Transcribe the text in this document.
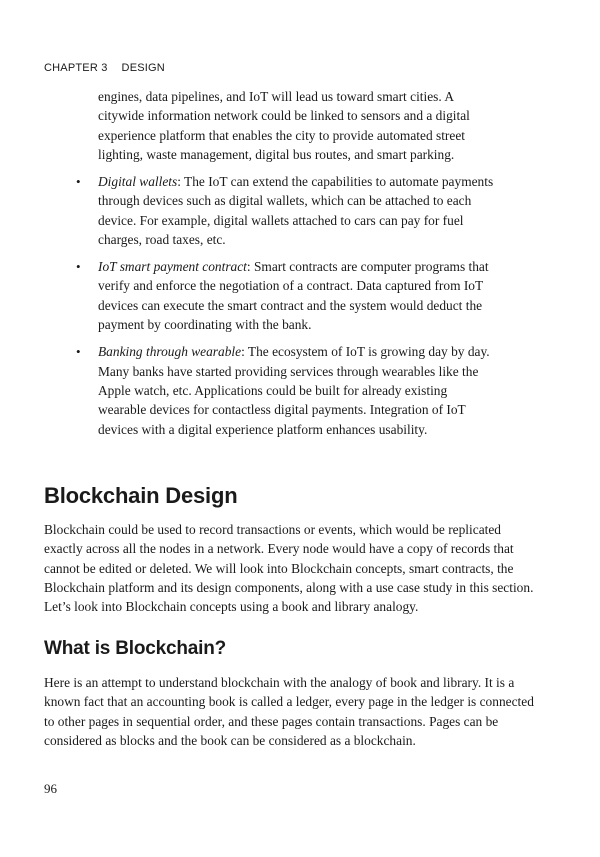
CHAPTER 3 DESIGN

engines, data pipelines, and IoT will lead us toward smart cities. A citywide information network could be linked to sensors and a digital experience platform that enables the city to provide automated street lighting, waste management, digital bus routes, and smart parking.

• Digital wallets: The IoT can extend the capabilities to automate payments through devices such as digital wallets, which can be attached to each device. For example, digital wallets attached to cars can pay for fuel charges, road taxes, etc.
• IoT smart payment contract: Smart contracts are computer programs that verify and enforce the negotiation of a contract. Data captured from IoT devices can execute the smart contract and the system would deduct the payment by coordinating with the bank.
• Banking through wearable: The ecosystem of IoT is growing day by day. Many banks have started providing services through wearables like the Apple watch, etc. Applications could be built for already existing wearable devices for contactless digital payments. Integration of IoT devices with a digital experience platform enhances usability.
Blockchain Design

Blockchain could be used to record transactions or events, which would be replicated exactly across all the nodes in a network. Every node would have a copy of records that cannot be edited or deleted. We will look into Blockchain concepts, smart contracts, the Blockchain platform and its design components, along with a use case study in this section. Let’s look into Blockchain concepts using a book and library analogy.

What is Blockchain?

Here is an attempt to understand blockchain with the analogy of book and library. It is a known fact that an accounting book is called a ledger, every page in the ledger is connected to other pages in sequential order, and these pages contain transactions. Pages can be considered as blocks and the book can be considered as a blockchain.

96
